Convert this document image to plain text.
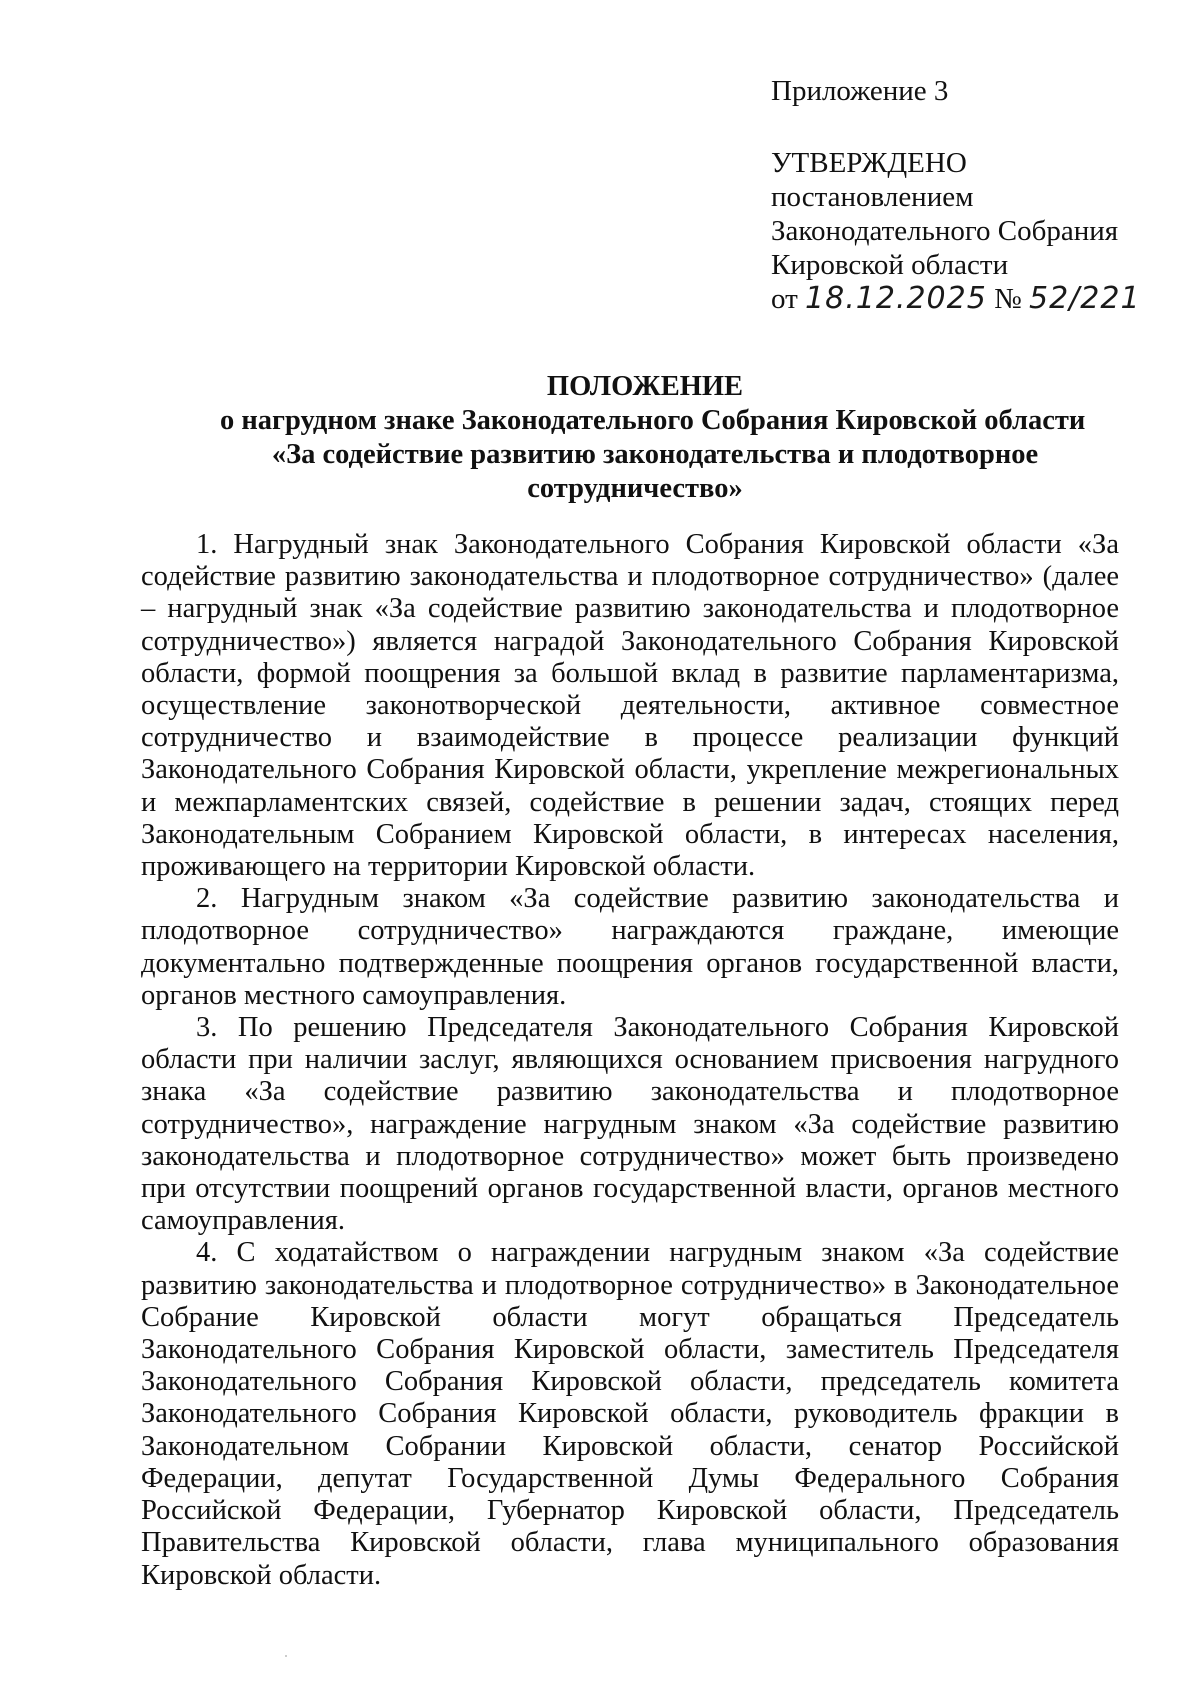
Приложение 3
УТВЕРЖДЕНО
постановлением
Законодательного Собрания
Кировской области
от 18.12.2025 № 52/221
ПОЛОЖЕНИЕ
о нагрудном знаке Законодательного Собрания Кировской области
«За содействие развитию законодательства и плодотворное
сотрудничество»

1. Нагрудный знак Законодательного Собрания Кировской области «За содействие развитию законодательства и плодотворное сотрудничество» (далее – нагрудный знак «За содействие развитию законодательства и плодотворное сотрудничество») является наградой Законодательного Собрания Кировской области, формой поощрения за большой вклад в развитие парламентаризма, осуществление законотворческой деятельности, активное совместное сотрудничество и взаимодействие в процессе реализации функций Законодательного Собрания Кировской области, укрепление межрегиональных и межпарламентских связей, содействие в решении задач, стоящих перед Законодательным Собранием Кировской области, в интересах населения, проживающего на территории Кировской области.

2. Нагрудным знаком «За содействие развитию законодательства и плодотворное сотрудничество» награждаются граждане, имеющие документально подтвержденные поощрения органов государственной власти, органов местного самоуправления.

3. По решению Председателя Законодательного Собрания Кировской области при наличии заслуг, являющихся основанием присвоения нагрудного знака «За содействие развитию законодательства и плодотворное сотрудничество», награждение нагрудным знаком «За содействие развитию законодательства и плодотворное сотрудничество» может быть произведено при отсутствии поощрений органов государственной власти, органов местного самоуправления.

4. С ходатайством о награждении нагрудным знаком «За содействие развитию законодательства и плодотворное сотрудничество» в Законодательное Собрание Кировской области могут обращаться Председатель Законодательного Собрания Кировской области, заместитель Председателя Законодательного Собрания Кировской области, председатель комитета Законодательного Собрания Кировской области, руководитель фракции в Законодательном Собрании Кировской области, сенатор Российской Федерации, депутат Государственной Думы Федерального Собрания Российской Федерации, Губернатор Кировской области, Председатель Правительства Кировской области, глава муниципального образования Кировской области.
